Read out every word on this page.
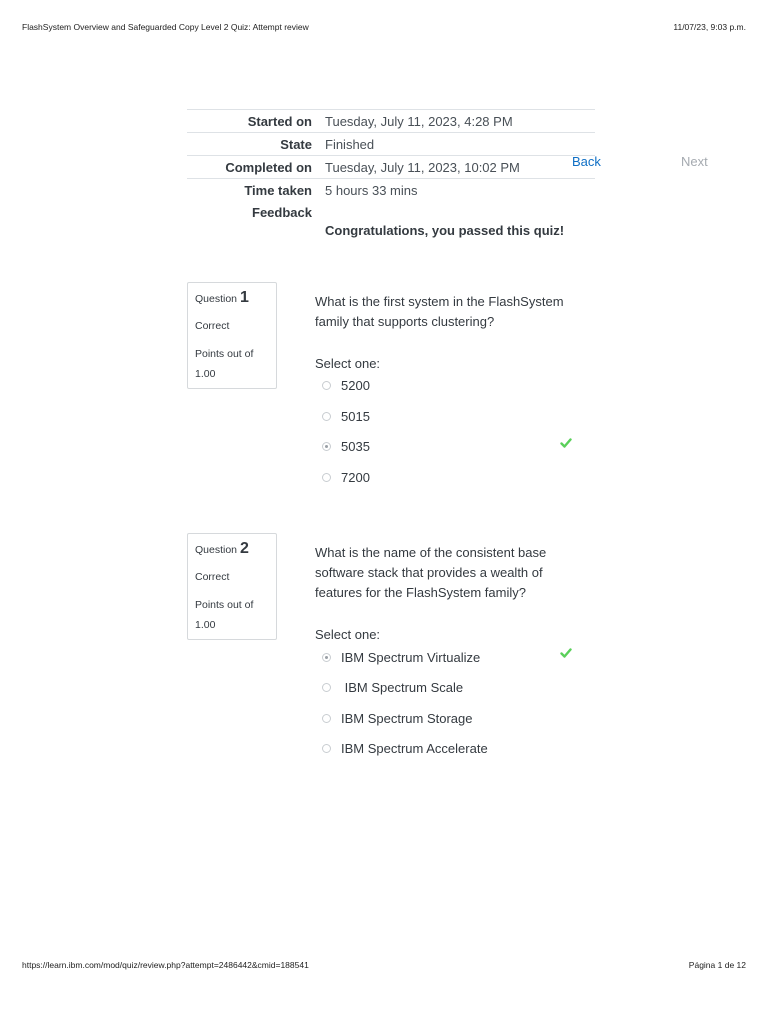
FlashSystem Overview and Safeguarded Copy Level 2 Quiz: Attempt review	11/07/23, 9:03 p.m.
Started on	Tuesday, July 11, 2023, 4:28 PM
State	Finished
Completed on	Tuesday, July 11, 2023, 10:02 PM
Time taken	5 hours 33 mins
Feedback	
Congratulations, you passed this quiz!
Back	Next
Question 1
Correct
Points out of
1.00
What is the first system in the FlashSystem family that supports clustering?
Select one:
5200
5015
5035
7200
Question 2
Correct
Points out of
1.00
What is the name of the consistent base software stack that provides a wealth of features for the FlashSystem family?
Select one:
IBM Spectrum Virtualize
IBM Spectrum Scale
IBM Spectrum Storage
IBM Spectrum Accelerate
https://learn.ibm.com/mod/quiz/review.php?attempt=2486442&cmid=188541	Página 1 de 12
